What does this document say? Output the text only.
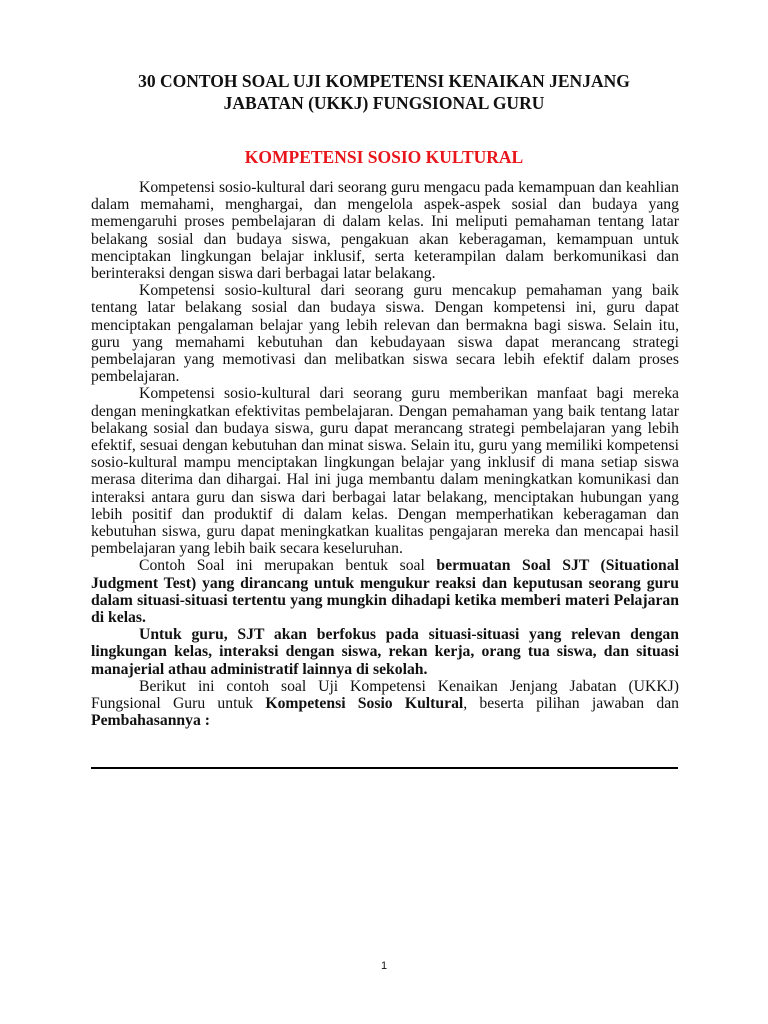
30 CONTOH SOAL UJI KOMPETENSI KENAIKAN JENJANG
JABATAN (UKKJ) FUNGSIONAL GURU
KOMPETENSI SOSIO KULTURAL

Kompetensi sosio-kultural dari seorang guru mengacu pada kemampuan dan keahlian dalam memahami, menghargai, dan mengelola aspek-aspek sosial dan budaya yang memengaruhi proses pembelajaran di dalam kelas. Ini meliputi pemahaman tentang latar belakang sosial dan budaya siswa, pengakuan akan keberagaman, kemampuan untuk menciptakan lingkungan belajar inklusif, serta keterampilan dalam berkomunikasi dan berinteraksi dengan siswa dari berbagai latar belakang.

Kompetensi sosio-kultural dari seorang guru mencakup pemahaman yang baik tentang latar belakang sosial dan budaya siswa. Dengan kompetensi ini, guru dapat menciptakan pengalaman belajar yang lebih relevan dan bermakna bagi siswa. Selain itu, guru yang memahami kebutuhan dan kebudayaan siswa dapat merancang strategi pembelajaran yang memotivasi dan melibatkan siswa secara lebih efektif dalam proses pembelajaran.

Kompetensi sosio-kultural dari seorang guru memberikan manfaat bagi mereka dengan meningkatkan efektivitas pembelajaran. Dengan pemahaman yang baik tentang latar belakang sosial dan budaya siswa, guru dapat merancang strategi pembelajaran yang lebih efektif, sesuai dengan kebutuhan dan minat siswa. Selain itu, guru yang memiliki kompetensi sosio-kultural mampu menciptakan lingkungan belajar yang inklusif di mana setiap siswa merasa diterima dan dihargai. Hal ini juga membantu dalam meningkatkan komunikasi dan interaksi antara guru dan siswa dari berbagai latar belakang, menciptakan hubungan yang lebih positif dan produktif di dalam kelas. Dengan memperhatikan keberagaman dan kebutuhan siswa, guru dapat meningkatkan kualitas pengajaran mereka dan mencapai hasil pembelajaran yang lebih baik secara keseluruhan.

Contoh Soal ini merupakan bentuk soal bermuatan Soal SJT (Situational Judgment Test) yang dirancang untuk mengukur reaksi dan keputusan seorang guru dalam situasi-situasi tertentu yang mungkin dihadapi ketika memberi materi Pelajaran di kelas.

Untuk guru, SJT akan berfokus pada situasi-situasi yang relevan dengan lingkungan kelas, interaksi dengan siswa, rekan kerja, orang tua siswa, dan situasi manajerial athau administratif lainnya di sekolah.

Berikut ini contoh soal Uji Kompetensi Kenaikan Jenjang Jabatan (UKKJ) Fungsional Guru untuk Kompetensi Sosio Kultural, beserta pilihan jawaban dan Pembahasannya :

1
